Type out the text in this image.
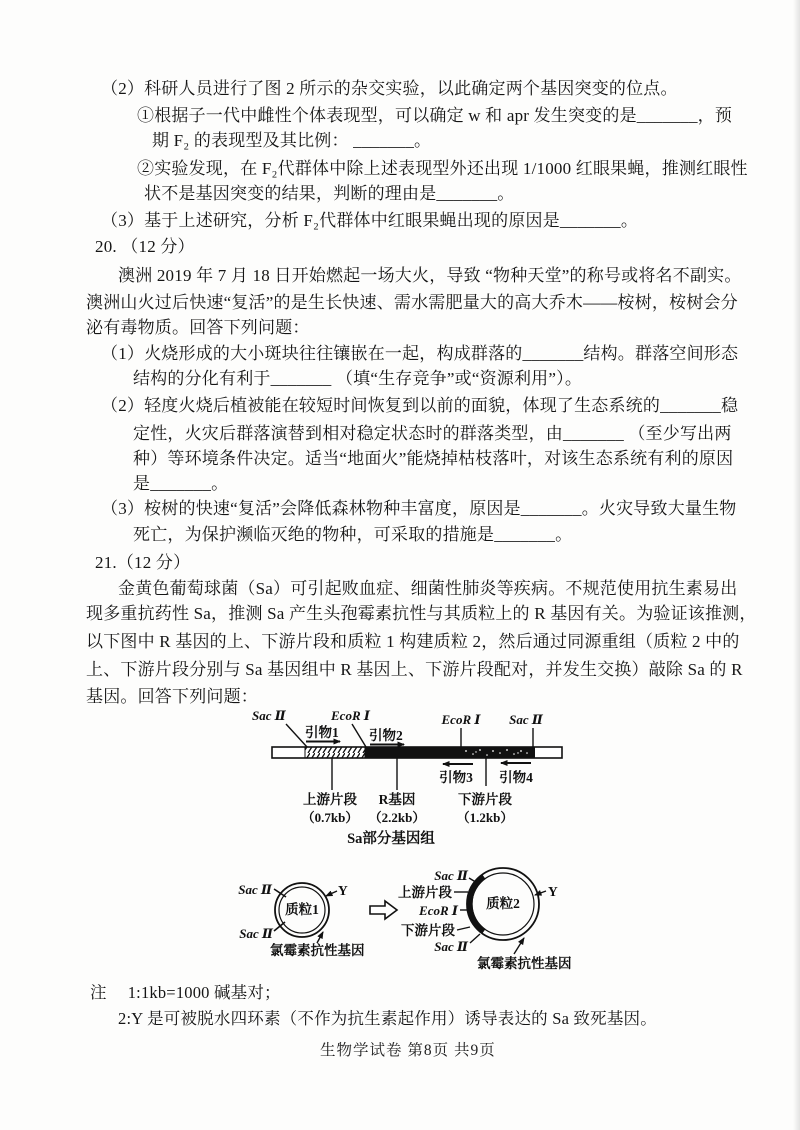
（2）科研人员进行了图 2 所示的杂交实验，以此确定两个基因突变的位点。
①根据子一代中雌性个体表现型，可以确定 w 和 apr 发生突变的是_______，预
期 F₂ 的表现型及其比例： _______。
②实验发现，在 F₂代群体中除上述表现型外还出现 1/1000 红眼果蝇，推测红眼性
状不是基因突变的结果，判断的理由是_______。
（3）基于上述研究，分析 F₂代群体中红眼果蝇出现的原因是_______。
20. （12 分）
澳洲 2019 年 7 月 18 日开始燃起一场大火，导致 “物种天堂”的称号或将名不副实。
澳洲山火过后快速“复活”的是生长快速、需水需肥量大的高大乔木——桉树，桉树会分
泌有毒物质。回答下列问题：
（1）火烧形成的大小斑块往往镶嵌在一起，构成群落的_______结构。群落空间形态
结构的分化有利于_______ （填“生存竞争”或“资源利用”）。
（2）轻度火烧后植被能在较短时间恢复到以前的面貌，体现了生态系统的_______稳
定性，火灾后群落演替到相对稳定状态时的群落类型，由_______ （至少写出两
种）等环境条件决定。适当“地面火”能烧掉枯枝落叶，对该生态系统有利的原因
是_______。
（3）桉树的快速“复活”会降低森林物种丰富度，原因是_______。火灾导致大量生物
死亡，为保护濒临灭绝的物种，可采取的措施是_______。
21.（12 分）
金黄色葡萄球菌（Sa）可引起败血症、细菌性肺炎等疾病。不规范使用抗生素易出
现多重抗药性 Sa，推测 Sa 产生头孢霉素抗性与其质粒上的 R 基因有关。为验证该推测，
以下图中 R 基因的上、下游片段和质粒 1 构建质粒 2，然后通过同源重组（质粒 2 中的
上、下游片段分别与 Sa 基因组中 R 基因上、下游片段配对，并发生交换）敲除 Sa 的 R
基因。回答下列问题：
Sac Ⅱ	EcoR Ⅰ
引物1 引物2
EcoR Ⅰ Sac Ⅱ
引物3 引物4
上游片段
（0.7kb）
R基因
（2.2kb）
下游片段
（1.2kb）
Sa部分基因组
质粒1
Sac Ⅱ
Sac Ⅱ
Y
氯霉素抗性基因
质粒2
Sac Ⅱ
上游片段
EcoR Ⅰ
下游片段
Sac Ⅱ
Y
氯霉素抗性基因
注　 1:1kb=1000 碱基对；
2:Y 是可被脱水四环素（不作为抗生素起作用）诱导表达的 Sa 致死基因。
生物学试卷 第8页 共9页
